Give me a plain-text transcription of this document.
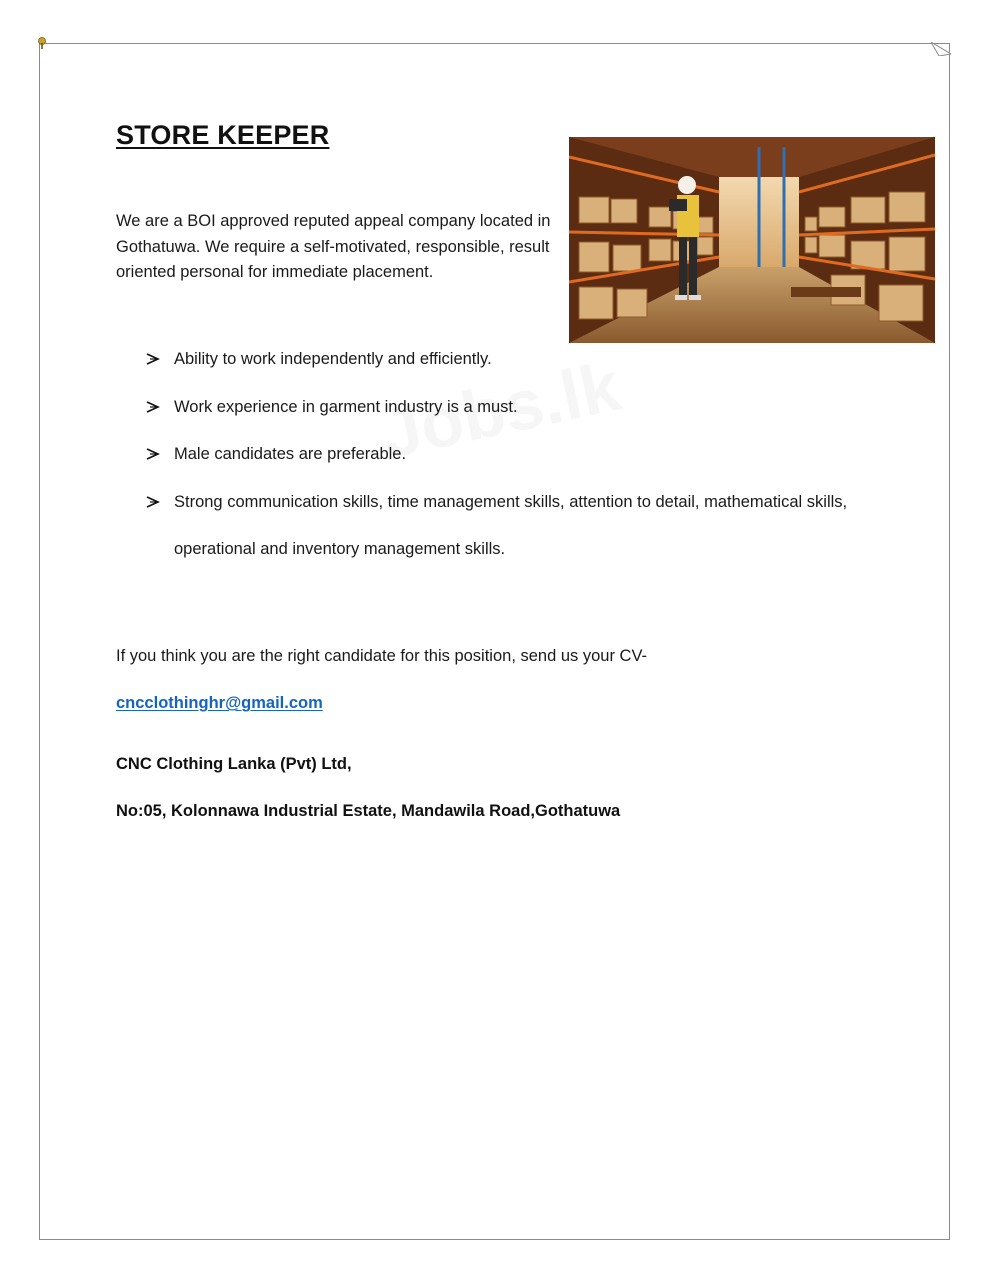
STORE KEEPER

We are a BOI approved reputed appeal company located in Gothatuwa. We require a self-motivated, responsible, result oriented personal for immediate placement.

Ability to work independently and efficiently.
Work experience in garment industry is a must.
Male candidates are preferable.
Strong communication skills, time management skills, attention to detail, mathematical skills, operational and inventory management skills.

If you think you are the right candidate for this position, send us your CV-

cncclothinghr@gmail.com

CNC Clothing Lanka (Pvt) Ltd,

No:05, Kolonnawa Industrial Estate, Mandawila Road,Gothatuwa
